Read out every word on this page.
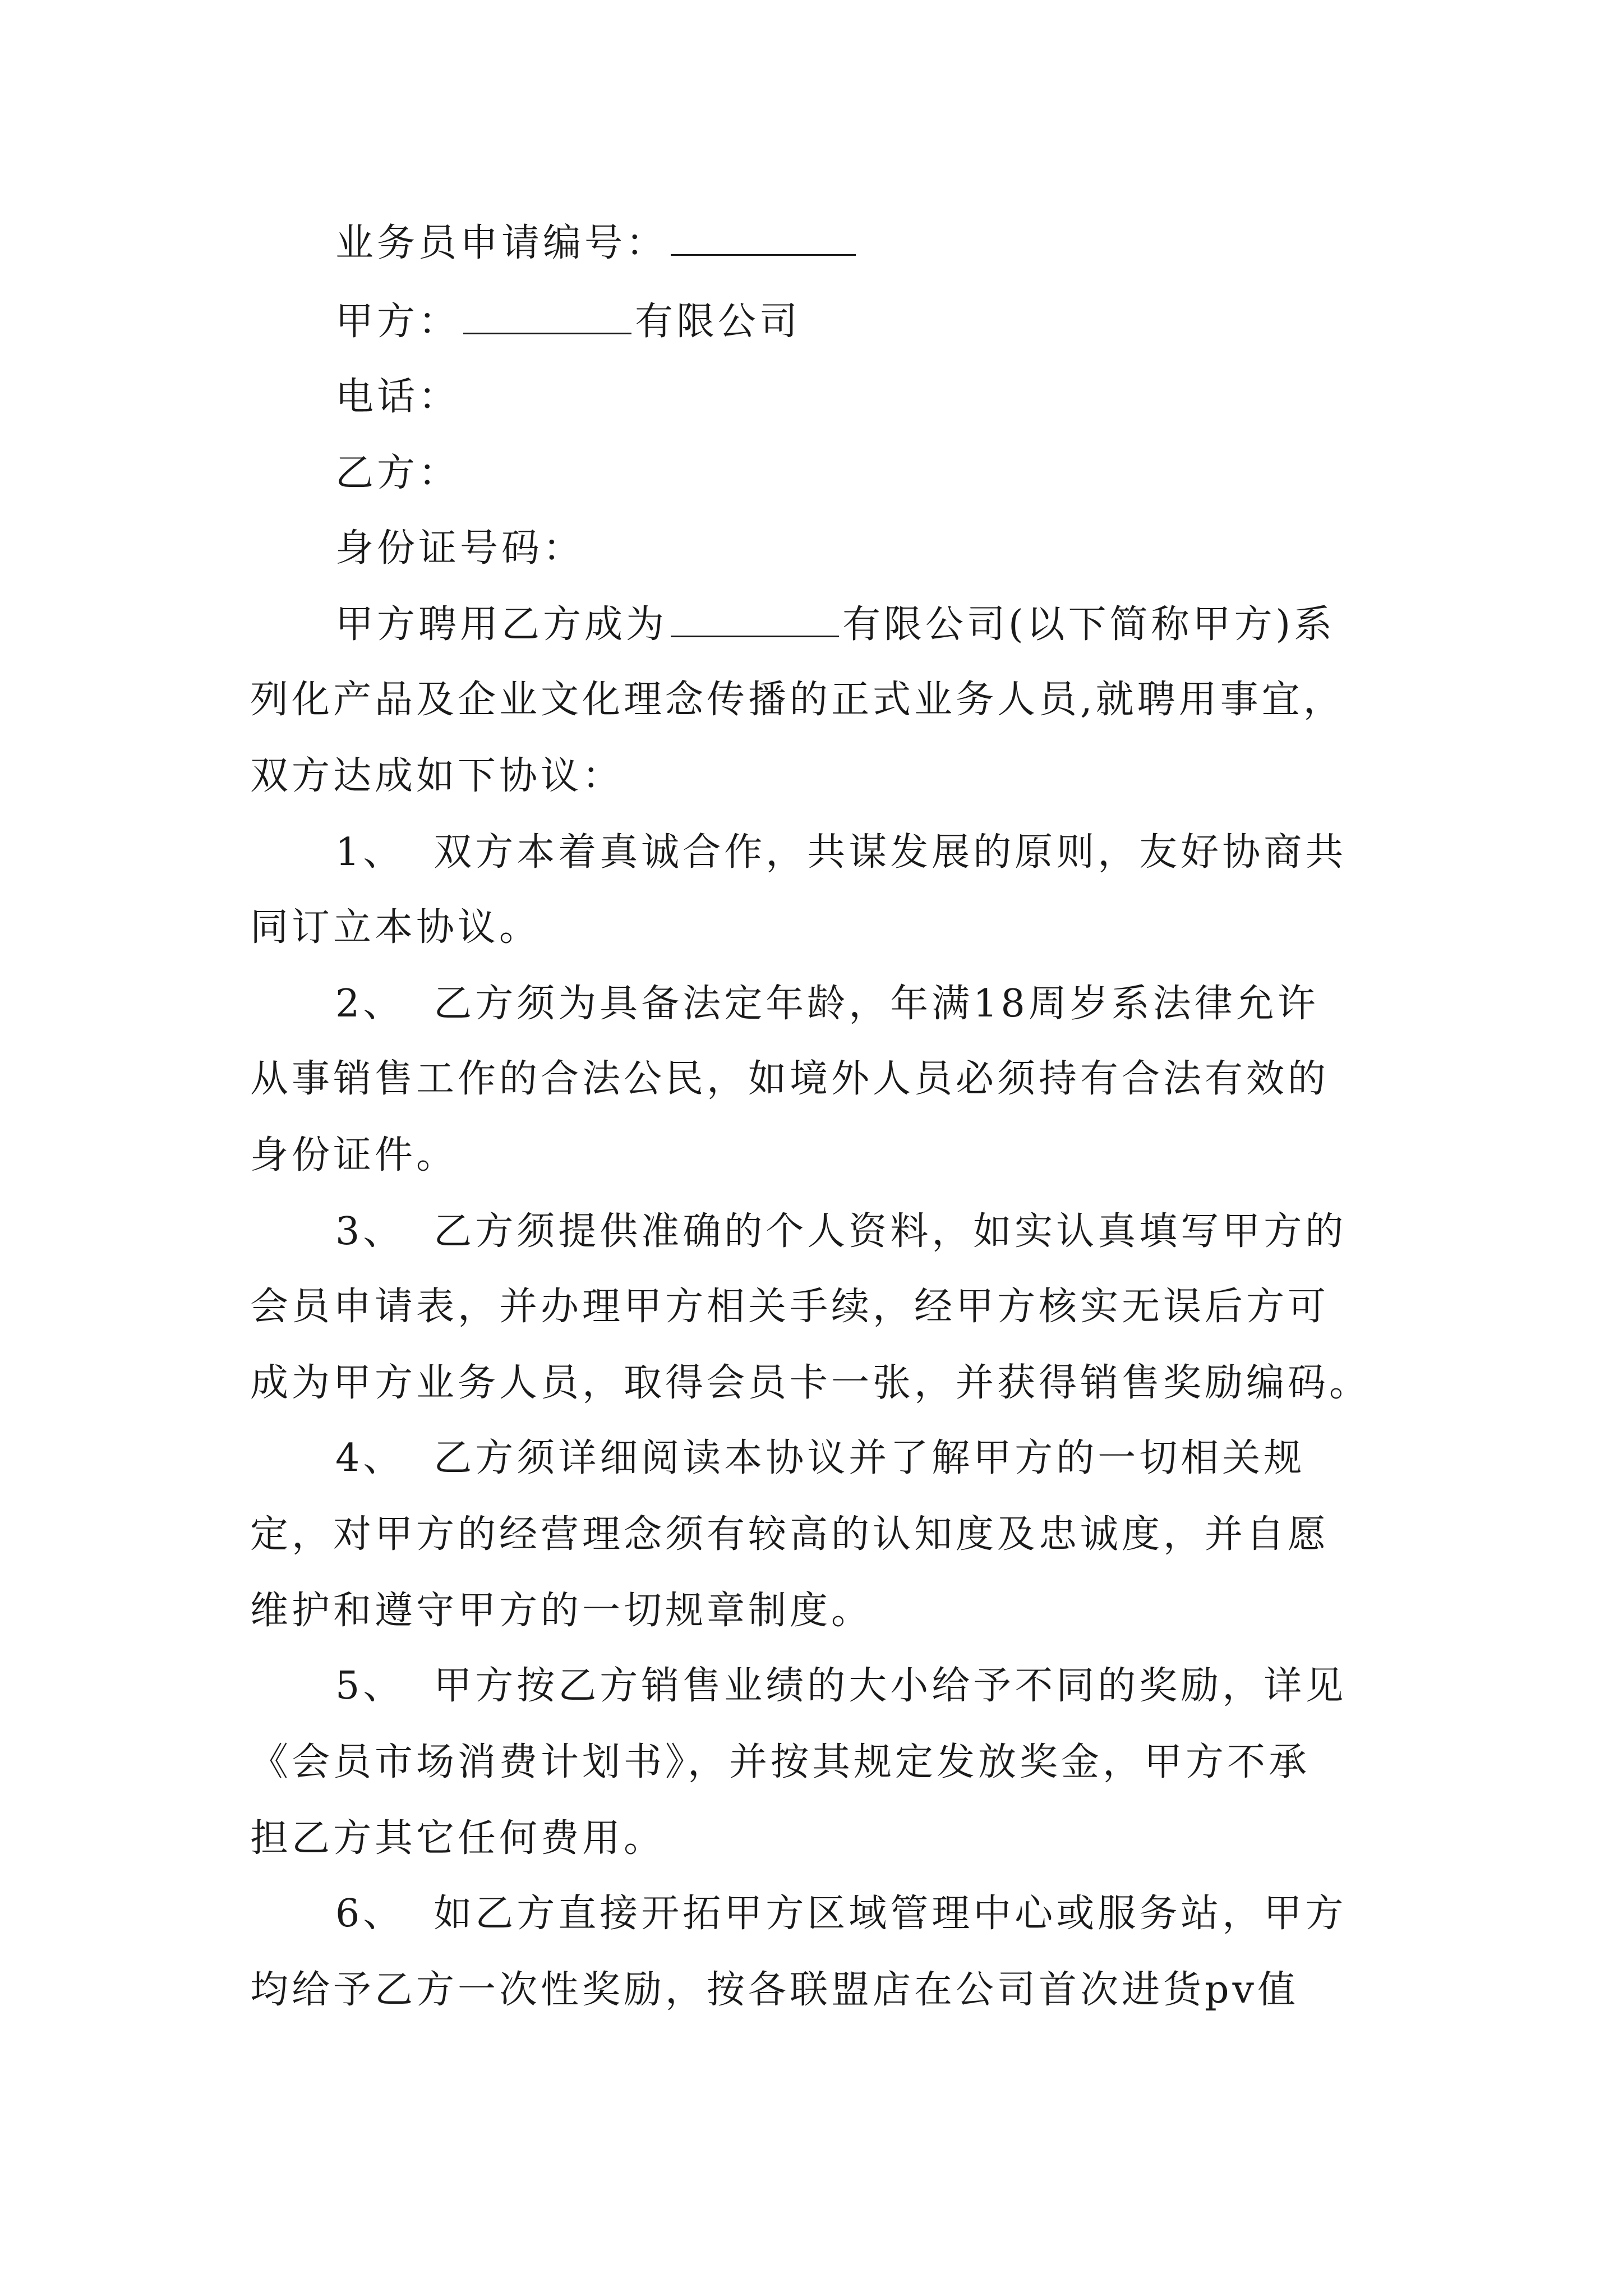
业务员申请编号：
甲方：	有限公司
电话：
乙方：
身份证号码：
甲方聘用乙方成为	有限公司(以下简称甲方)系
列化产品及企业文化理念传播的正式业务人员,就聘用事宜，
双方达成如下协议：
1、 双方本着真诚合作，共谋发展的原则，友好协商共
同订立本协议。
2、 乙方须为具备法定年龄，年满18周岁系法律允许
从事销售工作的合法公民，如境外人员必须持有合法有效的
身份证件。
3、 乙方须提供准确的个人资料，如实认真填写甲方的
会员申请表，并办理甲方相关手续，经甲方核实无误后方可
成为甲方业务人员，取得会员卡一张，并获得销售奖励编码。
4、 乙方须详细阅读本协议并了解甲方的一切相关规
定，对甲方的经营理念须有较高的认知度及忠诚度，并自愿
维护和遵守甲方的一切规章制度。
5、 甲方按乙方销售业绩的大小给予不同的奖励，详见
《会员市场消费计划书》，并按其规定发放奖金，甲方不承
担乙方其它任何费用。
6、 如乙方直接开拓甲方区域管理中心或服务站，甲方
均给予乙方一次性奖励，按各联盟店在公司首次进货pv值
